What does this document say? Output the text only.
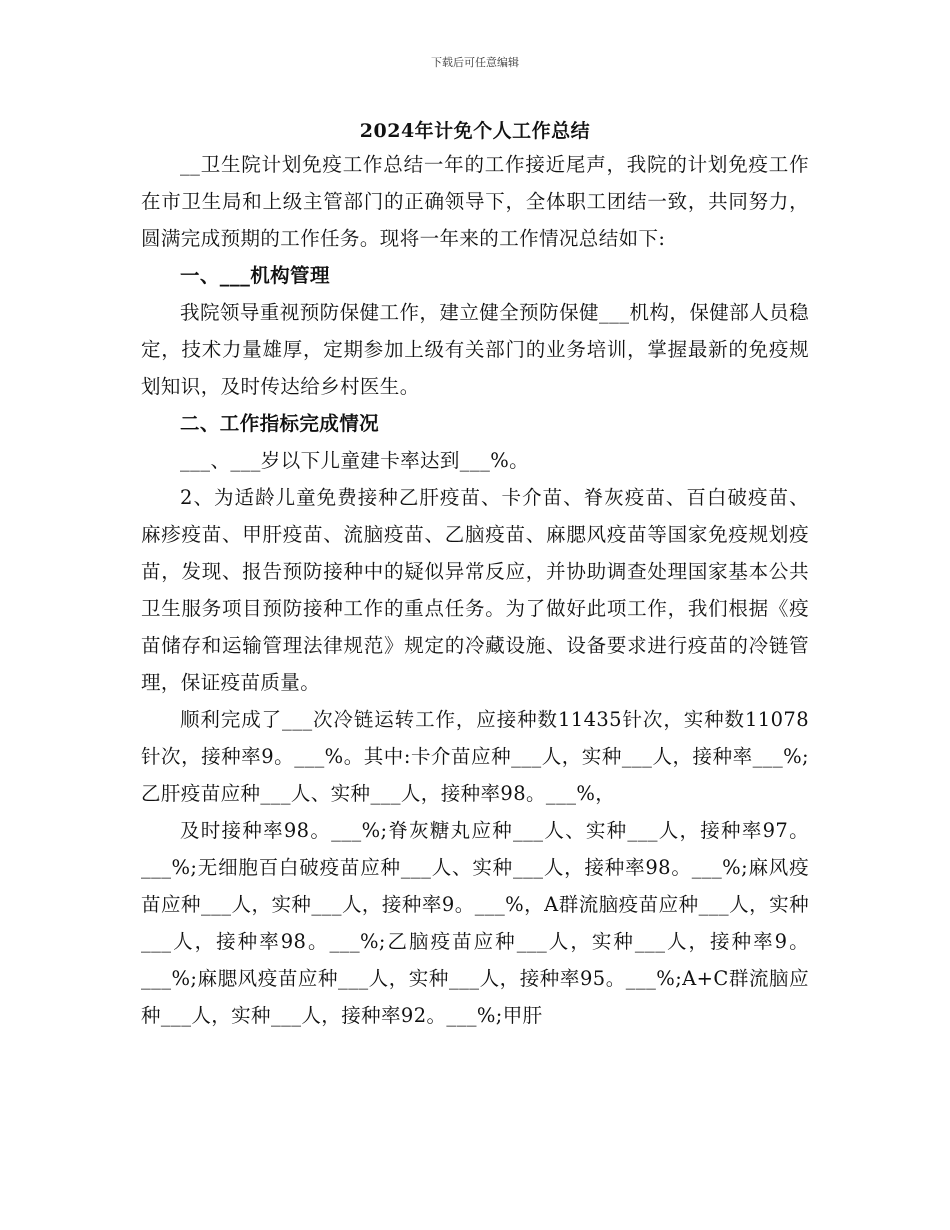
下载后可任意编辑
2024年计免个人工作总结

__卫生院计划免疫工作总结一年的工作接近尾声，我院的计划免疫工作在市卫生局和上级主管部门的正确领导下，全体职工团结一致，共同努力，圆满完成预期的工作任务。现将一年来的工作情况总结如下:

一、___机构管理

我院领导重视预防保健工作，建立健全预防保健___机构，保健部人员稳定，技术力量雄厚，定期参加上级有关部门的业务培训，掌握最新的免疫规划知识，及时传达给乡村医生。

二、工作指标完成情况

___、___岁以下儿童建卡率达到___%。

2、为适龄儿童免费接种乙肝疫苗、卡介苗、脊灰疫苗、百白破疫苗、麻疹疫苗、甲肝疫苗、流脑疫苗、乙脑疫苗、麻腮风疫苗等国家免疫规划疫苗，发现、报告预防接种中的疑似异常反应，并协助调查处理国家基本公共卫生服务项目预防接种工作的重点任务。为了做好此项工作，我们根据《疫苗储存和运输管理法律规范》规定的冷藏设施、设备要求进行疫苗的冷链管理，保证疫苗质量。

顺利完成了___次冷链运转工作，应接种数11435针次，实种数11078针次，接种率9。___%。其中:卡介苗应种___人，实种___人，接种率___%;乙肝疫苗应种___人、实种___人，接种率98。___%，

及时接种率98。___%;脊灰糖丸应种___人、实种___人，接种率97。___%;无细胞百白破疫苗应种___人、实种___人，接种率98。___%;麻风疫苗应种___人，实种___人，接种率9。___%，A群流脑疫苗应种___人，实种___人，接种率98。___%;乙脑疫苗应种___人，实种___人，接种率9。___%;麻腮风疫苗应种___人，实种___人，接种率95。___%;A+C群流脑应种___人，实种___人，接种率92。___%;甲肝
